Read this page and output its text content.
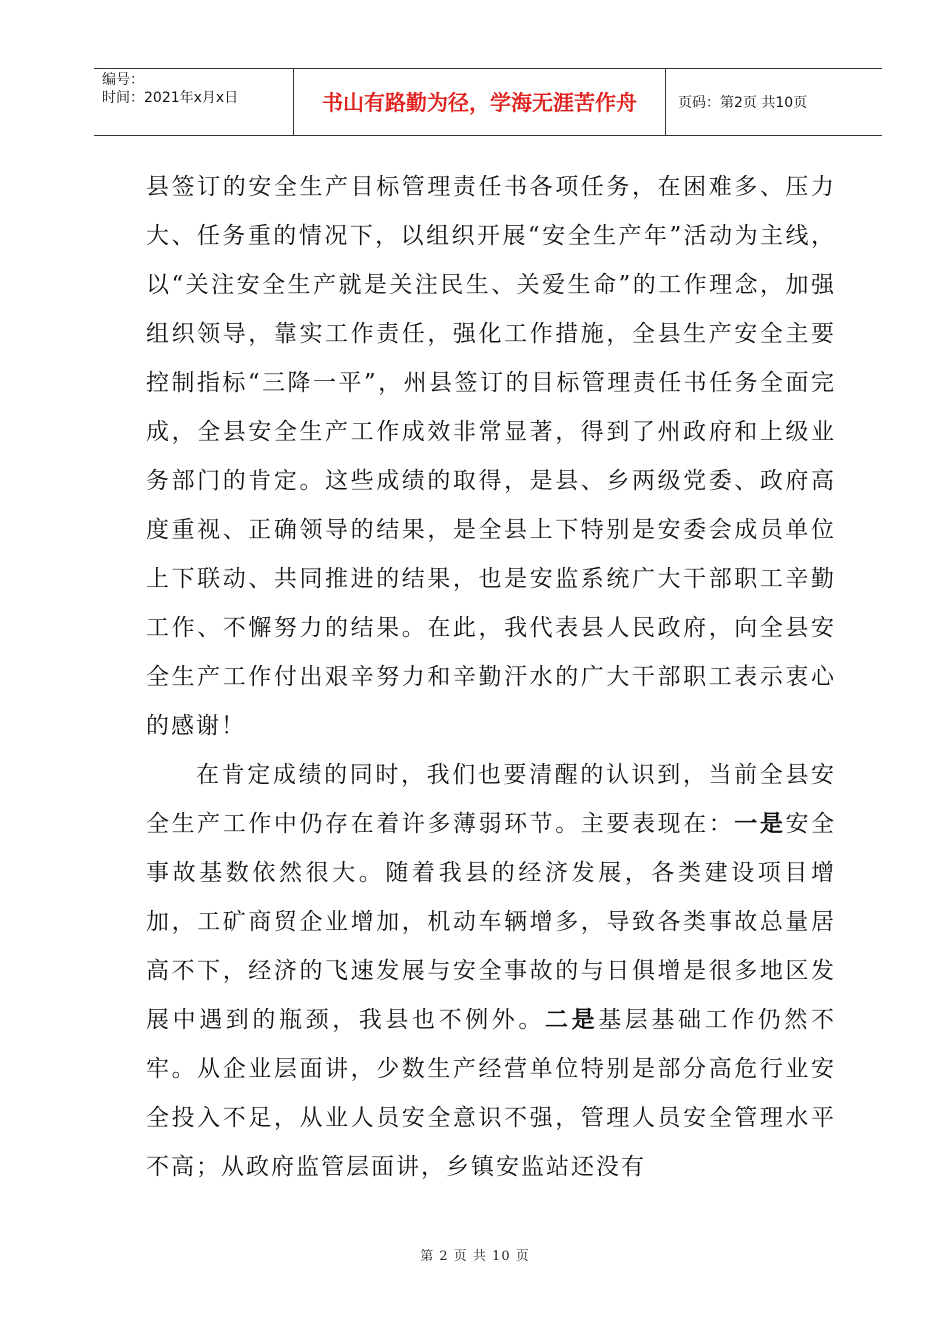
编号：
时间：2021年x月x日	书山有路勤为径，学海无涯苦作舟	页码：第2页 共10页

县签订的安全生产目标管理责任书各项任务，在困难多、压力大、任务重的情况下，以组织开展“安全生产年”活动为主线，以“关注安全生产就是关注民生、关爱生命”的工作理念，加强组织领导，靠实工作责任，强化工作措施，全县生产安全主要控制指标“三降一平”，州县签订的目标管理责任书任务全面完成，全县安全生产工作成效非常显著，得到了州政府和上级业务部门的肯定。这些成绩的取得，是县、乡两级党委、政府高度重视、正确领导的结果，是全县上下特别是安委会成员单位上下联动、共同推进的结果，也是安监系统广大干部职工辛勤工作、不懈努力的结果。在此，我代表县人民政府，向全县安全生产工作付出艰辛努力和辛勤汗水的广大干部职工表示衷心的感谢！

在肯定成绩的同时，我们也要清醒的认识到，当前全县安全生产工作中仍存在着许多薄弱环节。主要表现在：一是安全事故基数依然很大。随着我县的经济发展，各类建设项目增加，工矿商贸企业增加，机动车辆增多，导致各类事故总量居高不下，经济的飞速发展与安全事故的与日俱增是很多地区发展中遇到的瓶颈，我县也不例外。二是基层基础工作仍然不牢。从企业层面讲，少数生产经营单位特别是部分高危行业安全投入不足，从业人员安全意识不强，管理人员安全管理水平不高；从政府监管层面讲，乡镇安监站还没有

第 2 页 共 10 页
